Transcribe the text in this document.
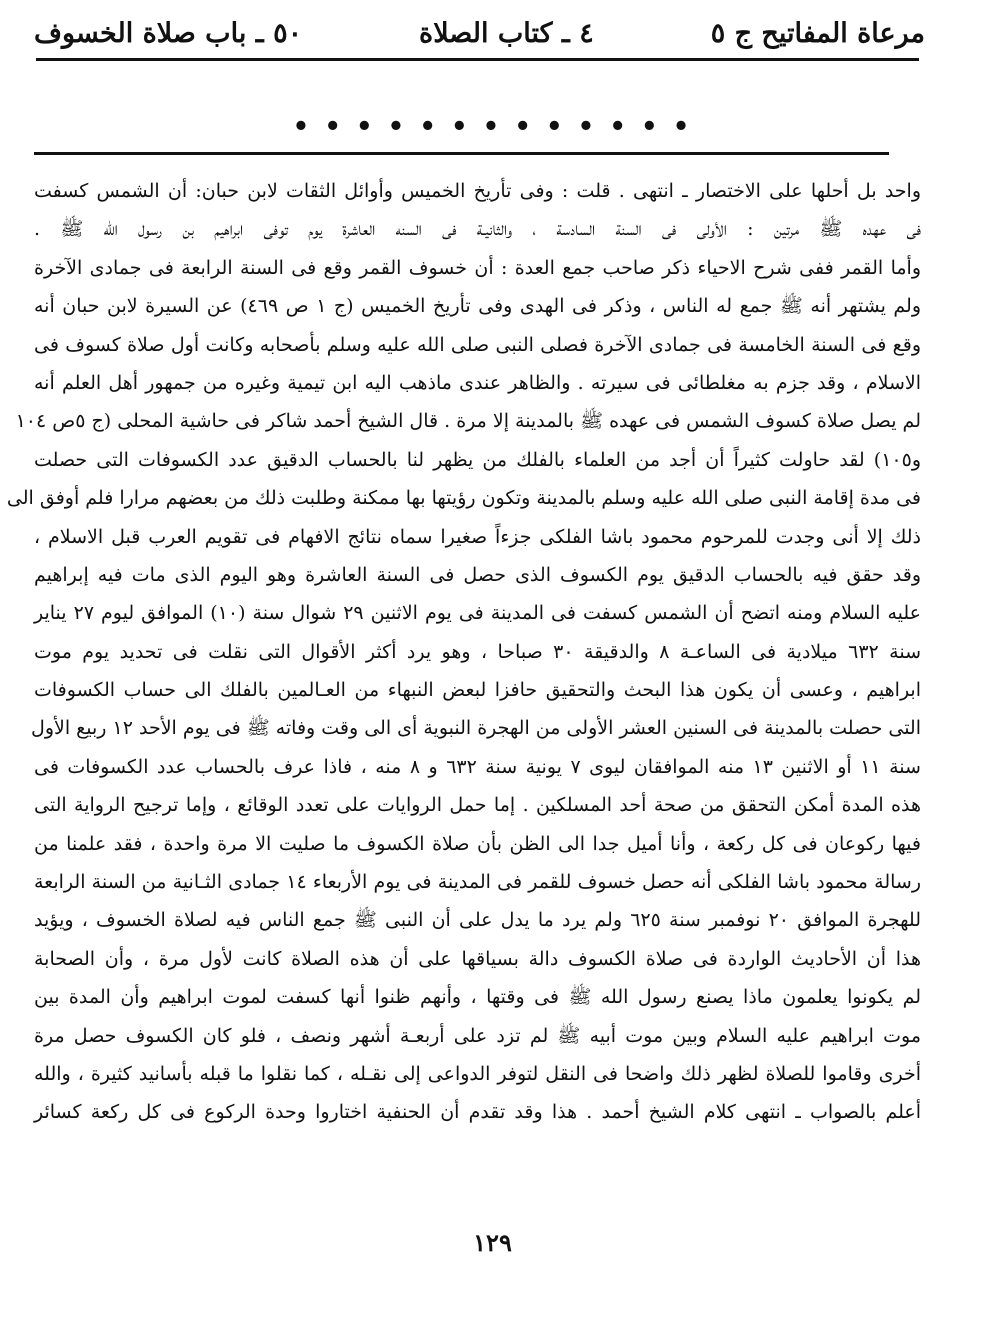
مرعاة المفاتيح ج ٥
٤ ـ كتاب الصلاة
٥٠ ـ باب صلاة الخسوف
• • • • • • • • • • • • •
واحد بل أحلها على الاختصار ـ انتهى . قلت : وفى تأريخ الخميس وأوائل الثقات لابن حبان: أن الشمس كسفت
فى عهده ﷺ مرتين : الأولى فى السنة السادسة ، والثانيـة فى السنه العاشرة يوم توفى ابراهيم بن رسول الله ﷺ .
وأما القمر ففى شرح الاحياء ذكر صاحب جمع العدة : أن خسوف القمر وقع فى السنة الرابعة فى جمادى الآخرة
ولم يشتهر أنه ﷺ جمع له الناس ، وذكر فى الهدى وفى تأريخ الخميس (ج ١ ص ٤٦٩) عن السيرة لابن حبان أنه
وقع فى السنة الخامسة فى جمادى الآخرة فصلى النبى صلى الله عليه وسلم بأصحابه وكانت أول صلاة كسوف فى
الاسلام ، وقد جزم به مغلطائى فى سيرته . والظاهر عندى ماذهب اليه ابن تيمية وغيره من جمهور أهل العلم أنه
لم يصل صلاة كسوف الشمس فى عهده ﷺ بالمدينة إلا مرة . قال الشيخ أحمد شاكر فى حاشية المحلى (ج ٥ص ١٠٤
و١٠٥) لقد حاولت كثيراً أن أجد من العلماء بالفلك من يظهر لنا بالحساب الدقيق عدد الكسوفات التى حصلت
فى مدة إقامة النبى صلى الله عليه وسلم بالمدينة وتكون رؤيتها بها ممكنة وطلبت ذلك من بعضهم مرارا فلم أوفق الى
ذلك إلا أنى وجدت للمرحوم محمود باشا الفلكى جزءاً صغيرا سماه نتائج الافهام فى تقويم العرب قبل الاسلام ،
وقد حقق فيه بالحساب الدقيق يوم الكسوف الذى حصل فى السنة العاشرة وهو اليوم الذى مات فيه إبراهيم
عليه السلام ومنه اتضح أن الشمس كسفت فى المدينة فى يوم الاثنين ٢٩ شوال سنة (١٠) الموافق ليوم ٢٧ يناير
سنة ٦٣٢ ميلادية فى الساعـة ٨ والدقيقة ٣٠ صباحا ، وهو يرد أكثر الأقوال التى نقلت فى تحديد يوم موت
ابراهيم ، وعسى أن يكون هذا البحث والتحقيق حافزا لبعض النبهاء من العـالمين بالفلك الى حساب الكسوفات
التى حصلت بالمدينة فى السنين العشر الأولى من الهجرة النبوية أى الى وقت وفاته ﷺ فى يوم الأحد ١٢ ربيع الأول
سنة ١١ أو الاثنين ١٣ منه الموافقان ليوى ٧ يونية سنة ٦٣٢ و ٨ منه ، فاذا عرف بالحساب عدد الكسوفات فى
هذه المدة أمكن التحقق من صحة أحد المسلكين . إما حمل الروايات على تعدد الوقائع ، وإما ترجيح الرواية التى
فيها ركوعان فى كل ركعة ، وأنا أميل جدا الى الظن بأن صلاة الكسوف ما صليت الا مرة واحدة ، فقد علمنا من
رسالة محمود باشا الفلكى أنه حصل خسوف للقمر فى المدينة فى يوم الأربعاء ١٤ جمادى الثـانية من السنة الرابعة
للهجرة الموافق ٢٠ نوفمبر سنة ٦٢٥ ولم يرد ما يدل على أن النبى ﷺ جمع الناس فيه لصلاة الخسوف ، ويؤيد
هذا أن الأحاديث الواردة فى صلاة الكسوف دالة بسياقها على أن هذه الصلاة كانت لأول مرة ، وأن الصحابة
لم يكونوا يعلمون ماذا يصنع رسول الله ﷺ فى وقتها ، وأنهم ظنوا أنها كسفت لموت ابراهيم وأن المدة بين
موت ابراهيم عليه السلام وبين موت أبيه ﷺ لم تزد على أربعـة أشهر ونصف ، فلو كان الكسوف حصل مرة
أخرى وقاموا للصلاة لظهر ذلك واضحا فى النقل لتوفر الدواعى إلى نقـله ، كما نقلوا ما قبله بأسانيد كثيرة ، والله
أعلم بالصواب ـ انتهى كلام الشيخ أحمد . هذا وقد تقدم أن الحنفية اختاروا وحدة الركوع فى كل ركعة كسائر
١٢٩
